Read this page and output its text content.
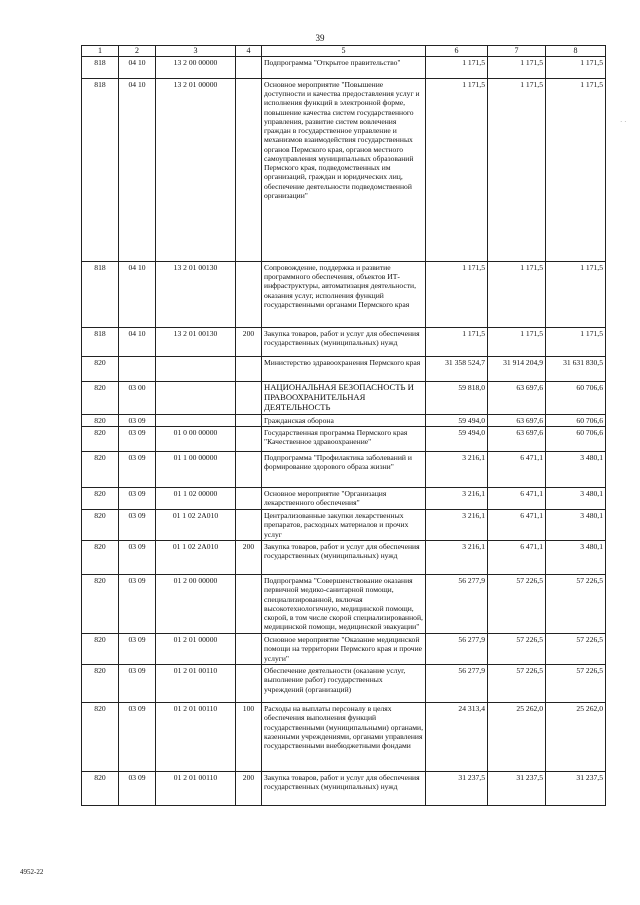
39
· ·
1	2	3	4	5	6	7	8
818	04 10	13 2 00 00000		Подпрограмма "Открытое правительство"	1 171,5	1 171,5	1 171,5
818	04 10	13 2 01 00000		Основное мероприятие "Повышение доступности и качества предоставления услуг и исполнения функций в электронной форме, повышение качества систем государственного управления, развитие систем вовлечения граждан в государственное управление и механизмов взаимодействия государственных органов Пермского края, органов местного самоуправления муниципальных образований Пермского края, подведомственных им организаций, граждан и юридических лиц, обеспечение деятельности подведомственной организации"	1 171,5	1 171,5	1 171,5
818	04 10	13 2 01 00130		Сопровождение, поддержка и развитие программного обеспечения, объектов ИТ-инфраструктуры, автоматизация деятельности, оказания услуг, исполнения функций государственными органами Пермского края	1 171,5	1 171,5	1 171,5
818	04 10	13 2 01 00130	200	Закупка товаров, работ и услуг для обеспечения государственных (муниципальных) нужд	1 171,5	1 171,5	1 171,5
820				Министерство здравоохранения Пермского края	31 358 524,7	31 914 204,9	31 631 830,5
820	03 00			НАЦИОНАЛЬНАЯ БЕЗОПАСНОСТЬ И ПРАВООХРАНИТЕЛЬНАЯ ДЕЯТЕЛЬНОСТЬ	59 818,0	63 697,6	60 706,6
820	03 09			Гражданская оборона	59 494,0	63 697,6	60 706,6
820	03 09	01 0 00 00000		Государственная программа Пермского края "Качественное здравоохранение"	59 494,0	63 697,6	60 706,6
820	03 09	01 1 00 00000		Подпрограмма "Профилактика заболеваний и формирование здорового образа жизни"	3 216,1	6 471,1	3 480,1
820	03 09	01 1 02 00000		Основное мероприятие "Организация лекарственного обеспечения"	3 216,1	6 471,1	3 480,1
820	03 09	01 1 02 2А010		Централизованные закупки лекарственных препаратов, расходных материалов и прочих услуг	3 216,1	6 471,1	3 480,1
820	03 09	01 1 02 2А010	200	Закупка товаров, работ и услуг для обеспечения государственных (муниципальных) нужд	3 216,1	6 471,1	3 480,1
820	03 09	01 2 00 00000		Подпрограмма "Совершенствование оказания первичной медико-санитарной помощи, специализированной, включая высокотехнологичную, медицинской помощи, скорой, в том числе скорой специализированной, медицинской помощи, медицинской эвакуации"	56 277,9	57 226,5	57 226,5
820	03 09	01 2 01 00000		Основное мероприятие "Оказание медицинской помощи на территории Пермского края и прочие услуги"	56 277,9	57 226,5	57 226,5
820	03 09	01 2 01 00110		Обеспечение деятельности (оказание услуг, выполнение работ) государственных учреждений (организаций)	56 277,9	57 226,5	57 226,5
820	03 09	01 2 01 00110	100	Расходы на выплаты персоналу в целях обеспечения выполнения функций государственными (муниципальными) органами, казенными учреждениями, органами управления государственными внебюджетными фондами	24 313,4	25 262,0	25 262,0
820	03 09	01 2 01 00110	200	Закупка товаров, работ и услуг для обеспечения государственных (муниципальных) нужд	31 237,5	31 237,5	31 237,5
4952-22
